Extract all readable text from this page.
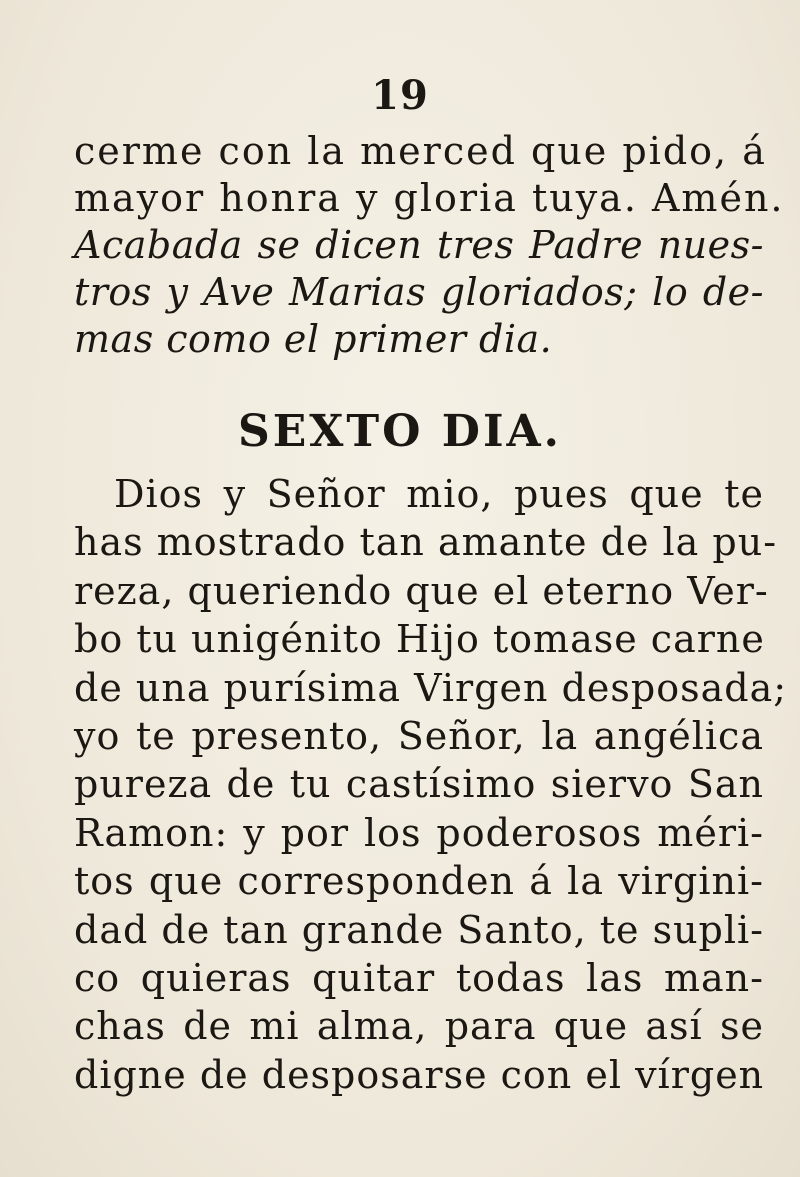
19
cerme con la merced que pido, á
mayor honra y gloria tuya. Amén.
Acabada se dicen tres Padre nues-
tros y Ave Marias gloriados; lo de-
mas como el primer dia.
SEXTO DIA.
Dios y Señor mio, pues que te
has mostrado tan amante de la pu-
reza, queriendo que el eterno Ver-
bo tu unigénito Hijo tomase carne
de una purísima Virgen desposada;
yo te presento, Señor, la angélica
pureza de tu castísimo siervo San
Ramon: y por los poderosos méri-
tos que corresponden á la virgini-
dad de tan grande Santo, te supli-
co quieras quitar todas las man-
chas de mi alma, para que así se
digne de desposarse con el vírgen
